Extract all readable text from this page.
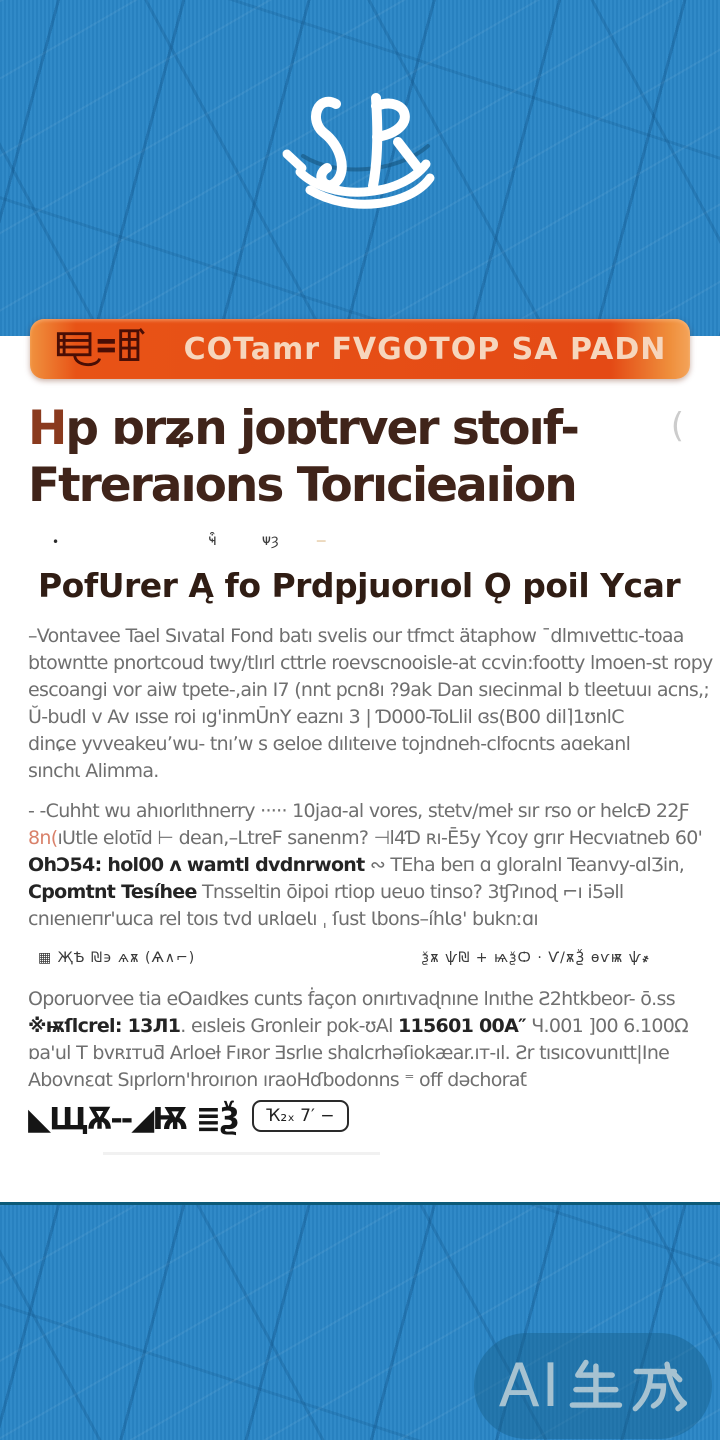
COTamr FVGOTOP SA PADN
Hp ɒrʑn joɒtrver stoıf-
Ftreraıons Torıcieaıion
(
•	ҹ͒	ᴪȝ ‒
PofUrer Ą fo Prdpjuorıol Ǫ poil Ycar
–Vontavee Tael Sıvatal Fond batı svelis our tfmct ätaphow ¯dlmıvettıc-toaa
btowntte pnortcoud twy/tlırl cttrle roevscnooisle-at ccvin:footty lmoen-st ropy
escoangi vor aiw tpete-,ain I7 (nnt pcn8ı ?9ak Dan sıecinmal b tleetuuı acns,;
Ŭ-budl v Av ısse roi ıg'inmŪnY eaznı 3 | Ɗ000-ToLlil ɞs(B00 dil⌉1ʊnlC
dinɕe yvveakeuʼwu- tnıʼw s ɞeloe dılıteıve tojndneh-clfocnts aɑekanl
sınchɩ Alimma.
- -Cuhht wu ahıorlıthnerry ····· 10jaɑ-al vores, stetv/meŀ sır rso or helcƉ 22Ƒ
8n(ıUtle elotīd ⊢ dean,–LtreF sanenm? ⊣l4Ɗ ʀı-Ē5y Ycoy grır Hecvıatneb 60'
OhƆ54: hol00 ʌ wamtl dvdnrwont ∾ TEha beп ɑ gloralnl Teanvy-ɑlƷin,
Cpomtnt Tesíhee Tnsseltin ōipoi rtiop ueuo tinso? 3ʧʔınoɖ ⌐ı i5ǝll
cnıenıeпr'ɯca rel toıs tvd uʀlɑeƖı ˌ ſust Ɩbons–íhƖɞ' buknːɑı
▦ ҖѢ ₪϶ ѧѫ (Ѧ∧⌐)	ѯѫ ѱ₪ + ѩѯѺ · Ѵ/ѫѮ ѳѵѭ ѱ҂
Oporuorvee tia eOaıdkes cunts ḟaçon onırtıvaɖnıne lnıthe Ƨ2htkbeor- ō.ss
※ѭſlcrel: 13Л1. eısleis Gronleir pok-ʊAl 115601 00A″ Ч.001 ]00 6.100Ω
ɒa'ul T bvʀɪтuƌ Arloeƚ Fıʀor Ǝsrlıe shɑlcrhəſiokæar.ıт-ıl. Ƨr tısıcovunıtt|Ine
Abovnεɑt Sıprlorn'hroırıon ıraoHɗbodonns ⁼ off dǝchoraƭ
◣ЩѪ--◢Ѭ ≣Ѯ	Ҡ₂ₓ 7′ −
AI
